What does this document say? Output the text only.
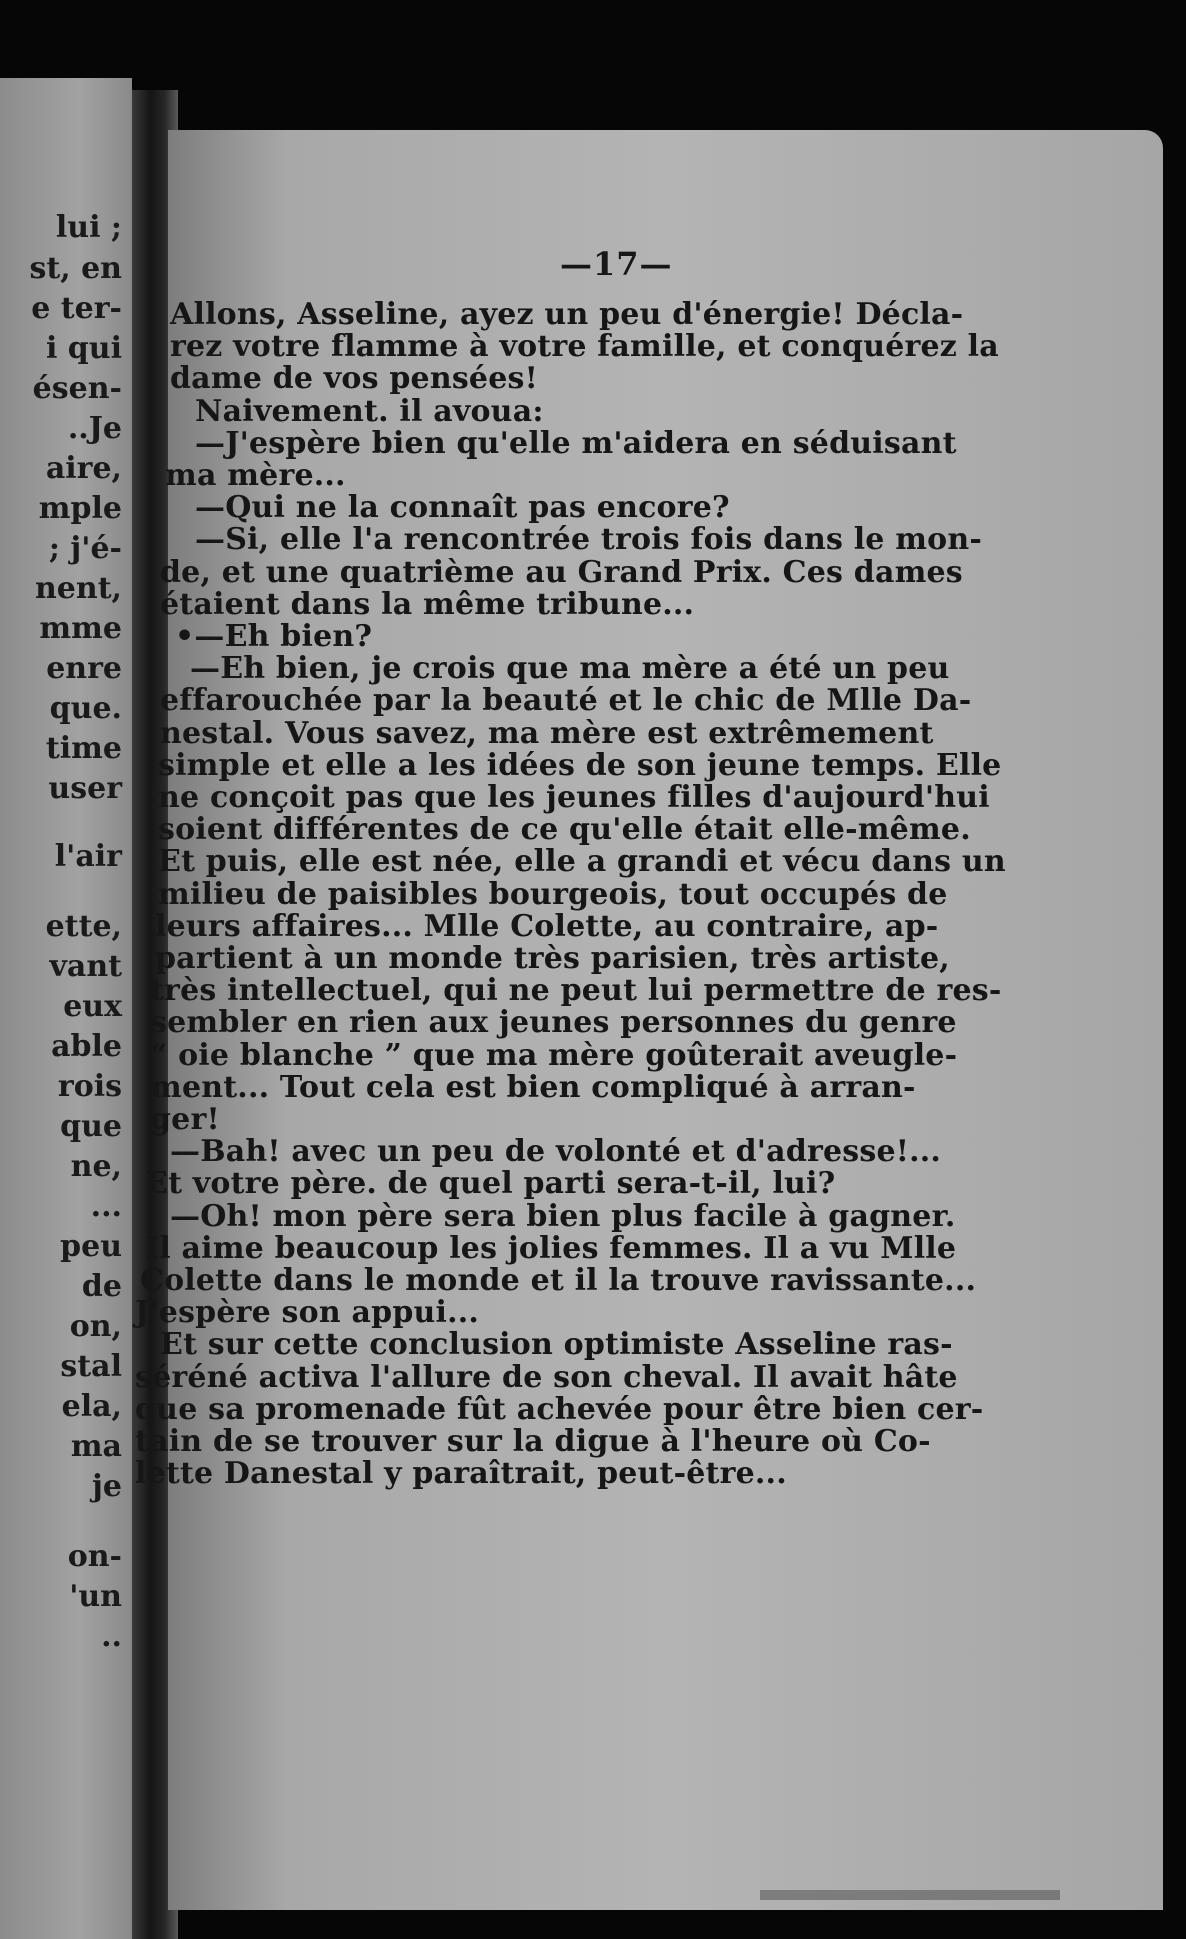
lui ;
st, en
e ter-
i qui
ésen-
..Je
aire,
mple
; j'é-
nent,
mme
enre
que.
time
user
l'air
ette,
vant
eux
able
rois
que
ne,
...
peu
de
on,
stal
ela,
ma
je
on-
'un
..
—17—
Allons, Asseline, ayez un peu d'énergie! Décla-
rez votre flamme à votre famille, et conquérez la
dame de vos pensées!
Naivement. il avoua:
—J'espère bien qu'elle m'aidera en séduisant
ma mère...
—Qui ne la connaît pas encore?
—Si, elle l'a rencontrée trois fois dans le mon-
de, et une quatrième au Grand Prix. Ces dames
étaient dans la même tribune...
•—Eh bien?
—Eh bien, je crois que ma mère a été un peu
effarouchée par la beauté et le chic de Mlle Da-
nestal. Vous savez, ma mère est extrêmement
simple et elle a les idées de son jeune temps. Elle
ne conçoit pas que les jeunes filles d'aujourd'hui
soient différentes de ce qu'elle était elle-même.
Et puis, elle est née, elle a grandi et vécu dans un
milieu de paisibles bourgeois, tout occupés de
leurs affaires... Mlle Colette, au contraire, ap-
partient à un monde très parisien, très artiste,
très intellectuel, qui ne peut lui permettre de res-
sembler en rien aux jeunes personnes du genre
“ oie blanche ” que ma mère goûterait aveugle-
ment... Tout cela est bien compliqué à arran-
ger!
—Bah! avec un peu de volonté et d'adresse!...
Et votre père. de quel parti sera-t-il, lui?
—Oh! mon père sera bien plus facile à gagner.
Il aime beaucoup les jolies femmes. Il a vu Mlle
Colette dans le monde et il la trouve ravissante...
J'espère son appui...
Et sur cette conclusion optimiste Asseline ras-
séréné activa l'allure de son cheval. Il avait hâte
que sa promenade fût achevée pour être bien cer-
tain de se trouver sur la digue à l'heure où Co-
lette Danestal y paraîtrait, peut-être...
